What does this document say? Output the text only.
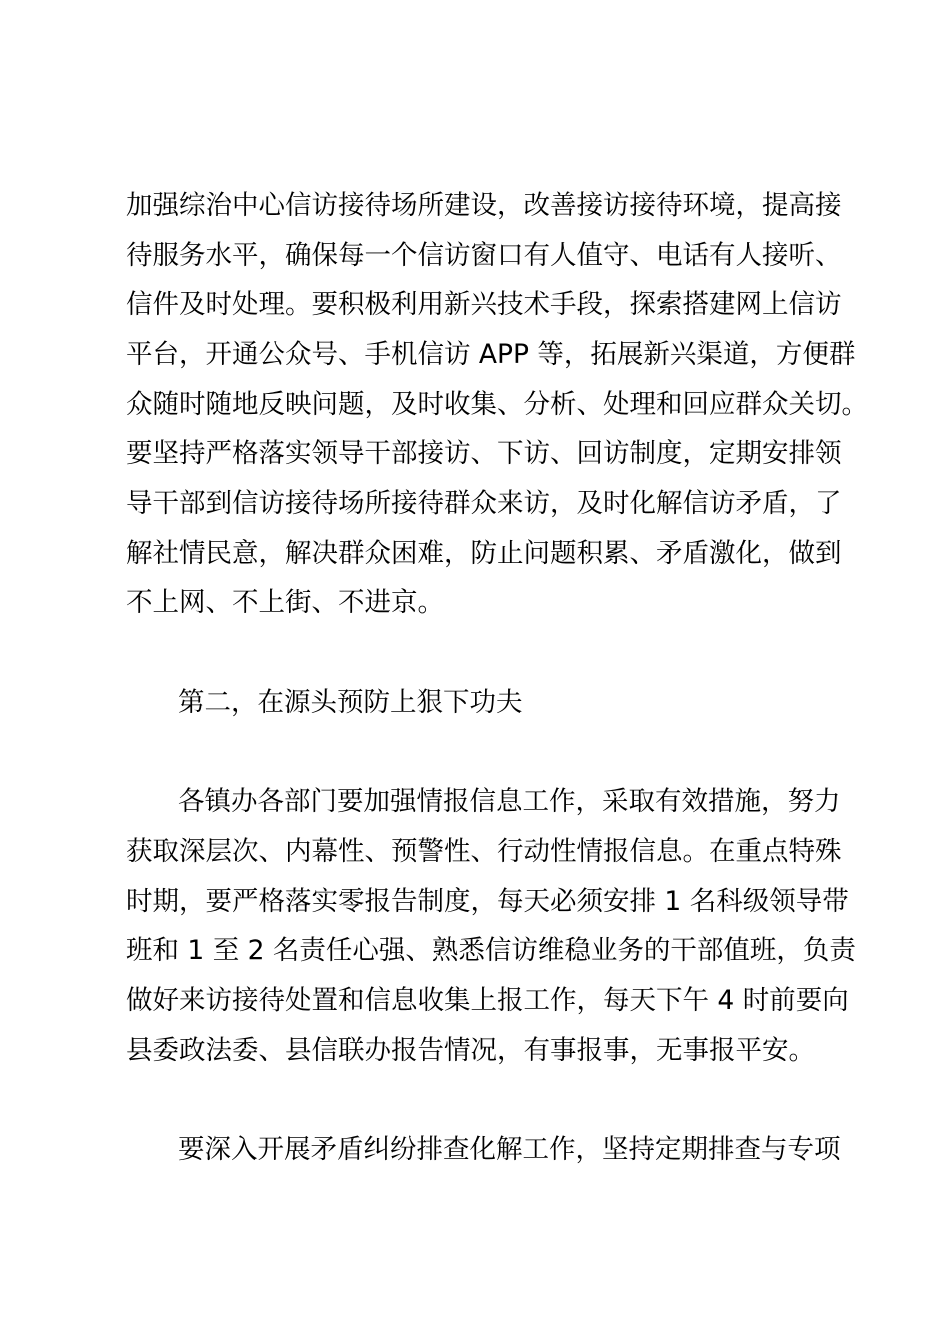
加强综治中心信访接待场所建设，改善接访接待环境，提高接
待服务水平，确保每一个信访窗口有人值守、电话有人接听、
信件及时处理。要积极利用新兴技术手段，探索搭建网上信访
平台，开通公众号、手机信访 APP 等，拓展新兴渠道，方便群
众随时随地反映问题，及时收集、分析、处理和回应群众关切。
要坚持严格落实领导干部接访、下访、回访制度，定期安排领
导干部到信访接待场所接待群众来访，及时化解信访矛盾，了
解社情民意，解决群众困难，防止问题积累、矛盾激化，做到
不上网、不上街、不进京。
第二，在源头预防上狠下功夫
各镇办各部门要加强情报信息工作，采取有效措施，努力
获取深层次、内幕性、预警性、行动性情报信息。在重点特殊
时期，要严格落实零报告制度，每天必须安排 1 名科级领导带
班和 1 至 2 名责任心强、熟悉信访维稳业务的干部值班，负责
做好来访接待处置和信息收集上报工作，每天下午 4 时前要向
县委政法委、县信联办报告情况，有事报事，无事报平安。
要深入开展矛盾纠纷排查化解工作，坚持定期排查与专项
